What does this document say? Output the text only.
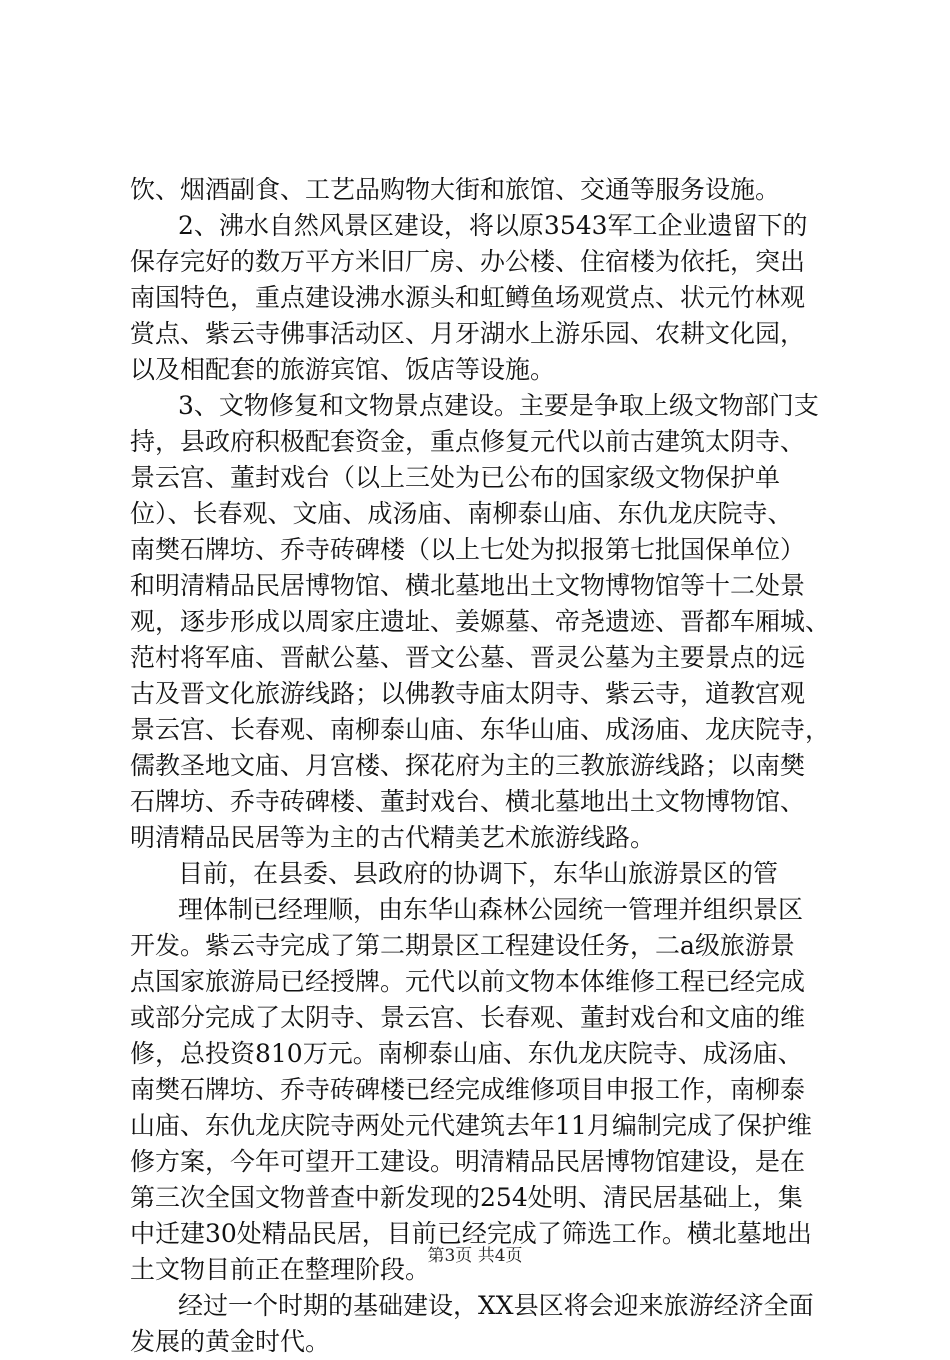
饮、烟酒副食、工艺品购物大街和旅馆、交通等服务设施。
2、沸水自然风景区建设，将以原3543军工企业遗留下的
保存完好的数万平方米旧厂房、办公楼、住宿楼为依托，突出
南国特色，重点建设沸水源头和虹鳟鱼场观赏点、状元竹林观
赏点、紫云寺佛事活动区、月牙湖水上游乐园、农耕文化园，
以及相配套的旅游宾馆、饭店等设施。
3、文物修复和文物景点建设。主要是争取上级文物部门支
持，县政府积极配套资金，重点修复元代以前古建筑太阴寺、
景云宫、董封戏台（以上三处为已公布的国家级文物保护单
位）、长春观、文庙、成汤庙、南柳泰山庙、东仇龙庆院寺、
南樊石牌坊、乔寺砖碑楼（以上七处为拟报第七批国保单位）
和明清精品民居博物馆、横北墓地出土文物博物馆等十二处景
观，逐步形成以周家庄遗址、姜嫄墓、帝尧遗迹、晋都车厢城、
范村将军庙、晋献公墓、晋文公墓、晋灵公墓为主要景点的远
古及晋文化旅游线路；以佛教寺庙太阴寺、紫云寺，道教宫观
景云宫、长春观、南柳泰山庙、东华山庙、成汤庙、龙庆院寺，
儒教圣地文庙、月宫楼、探花府为主的三教旅游线路；以南樊
石牌坊、乔寺砖碑楼、董封戏台、横北墓地出土文物博物馆、
明清精品民居等为主的古代精美艺术旅游线路。
目前，在县委、县政府的协调下，东华山旅游景区的管
理体制已经理顺，由东华山森林公园统一管理并组织景区
开发。紫云寺完成了第二期景区工程建设任务，二a级旅游景
点国家旅游局已经授牌。元代以前文物本体维修工程已经完成
或部分完成了太阴寺、景云宫、长春观、董封戏台和文庙的维
修，总投资810万元。南柳泰山庙、东仇龙庆院寺、成汤庙、
南樊石牌坊、乔寺砖碑楼已经完成维修项目申报工作，南柳泰
山庙、东仇龙庆院寺两处元代建筑去年11月编制完成了保护维
修方案，今年可望开工建设。明清精品民居博物馆建设，是在
第三次全国文物普查中新发现的254处明、清民居基础上，集
中迁建30处精品民居，目前已经完成了筛选工作。横北墓地出
土文物目前正在整理阶段。
经过一个时期的基础建设，XX县区将会迎来旅游经济全面
发展的黄金时代。
第3页 共4页
